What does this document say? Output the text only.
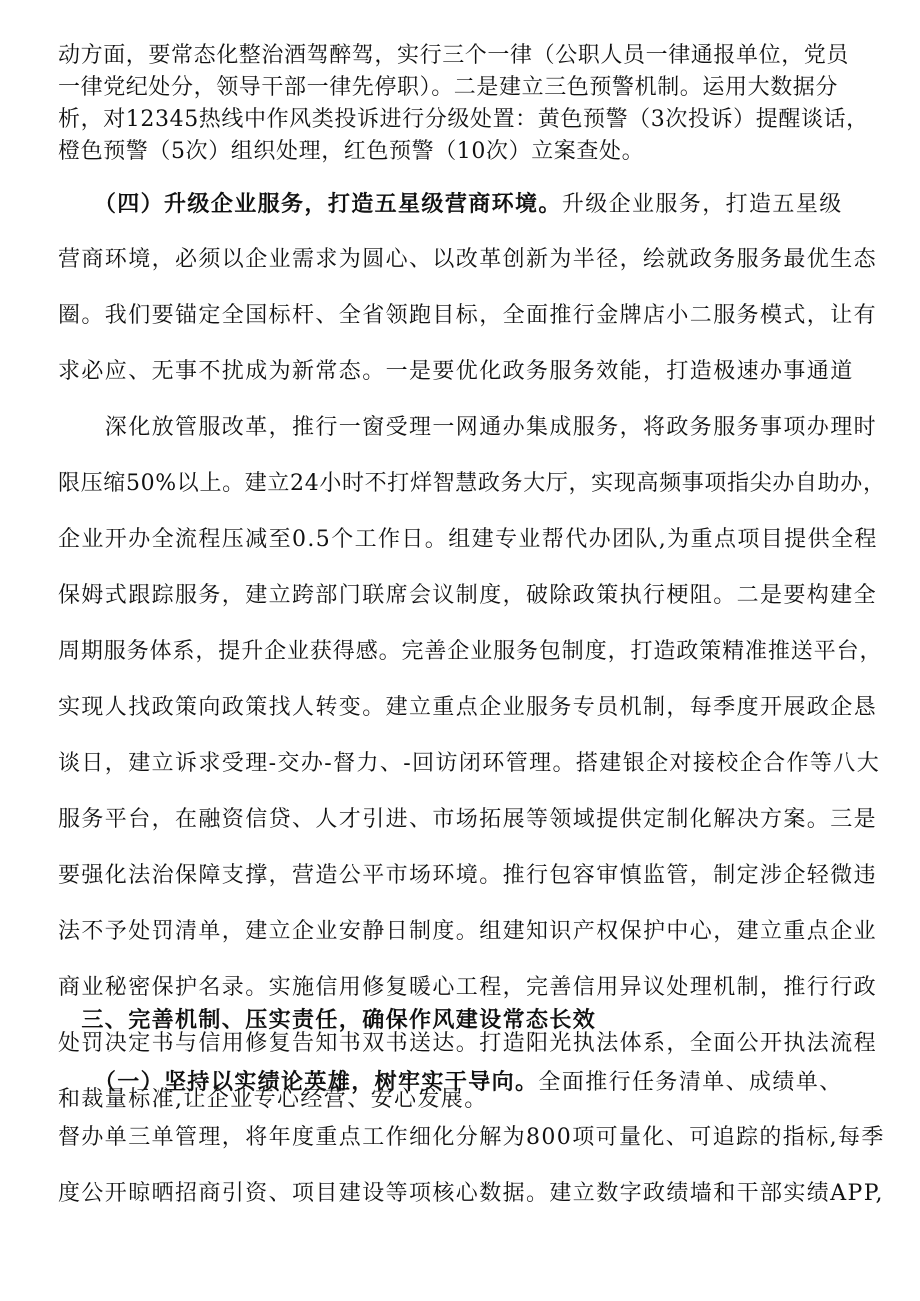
动方面，要常态化整治酒驾醉驾，实行三个一律（公职人员一律通报单位，党员
一律党纪处分，领导干部一律先停职）。二是建立三色预警机制。运用大数据分
析，对12345热线中作风类投诉进行分级处置：黄色预警（3次投诉）提醒谈话，
橙色预警（5次）组织处理，红色预警（10次）立案查处。
　　（四）升级企业服务，打造五星级营商环境。升级企业服务，打造五星级
营商环境，必须以企业需求为圆心、以改革创新为半径，绘就政务服务最优生态
圈。我们要锚定全国标杆、全省领跑目标，全面推行金牌店小二服务模式，让有
求必应、无事不扰成为新常态。一是要优化政务服务效能，打造极速办事通道
　　深化放管服改革，推行一窗受理一网通办集成服务，将政务服务事项办理时
限压缩50%以上。建立24小时不打烊智慧政务大厅，实现高频事项指尖办自助办，
企业开办全流程压减至0.5个工作日。组建专业帮代办团队,为重点项目提供全程
保姆式跟踪服务，建立跨部门联席会议制度，破除政策执行梗阻。二是要构建全
周期服务体系，提升企业获得感。完善企业服务包制度，打造政策精准推送平台，
实现人找政策向政策找人转变。建立重点企业服务专员机制，每季度开展政企恳
谈日，建立诉求受理-交办-督力、-回访闭环管理。搭建银企对接校企合作等八大
服务平台，在融资信贷、人才引进、市场拓展等领域提供定制化解决方案。三是
要强化法治保障支撑，营造公平市场环境。推行包容审慎监管，制定涉企轻微违
法不予处罚清单，建立企业安静日制度。组建知识产权保护中心，建立重点企业
商业秘密保护名录。实施信用修复暖心工程，完善信用异议处理机制，推行行政
处罚决定书与信用修复告知书双书送达。打造阳光执法体系，全面公开执法流程
和裁量标准,让企业专心经营、安心发展。
　三、完善机制、压实责任，确保作风建设常态长效
　　（一）坚持以实绩论英雄，树牢实干导向。全面推行任务清单、成绩单、
督办单三单管理，将年度重点工作细化分解为800项可量化、可追踪的指标,每季
度公开晾晒招商引资、项目建设等项核心数据。建立数字政绩墙和干部实绩APP,
